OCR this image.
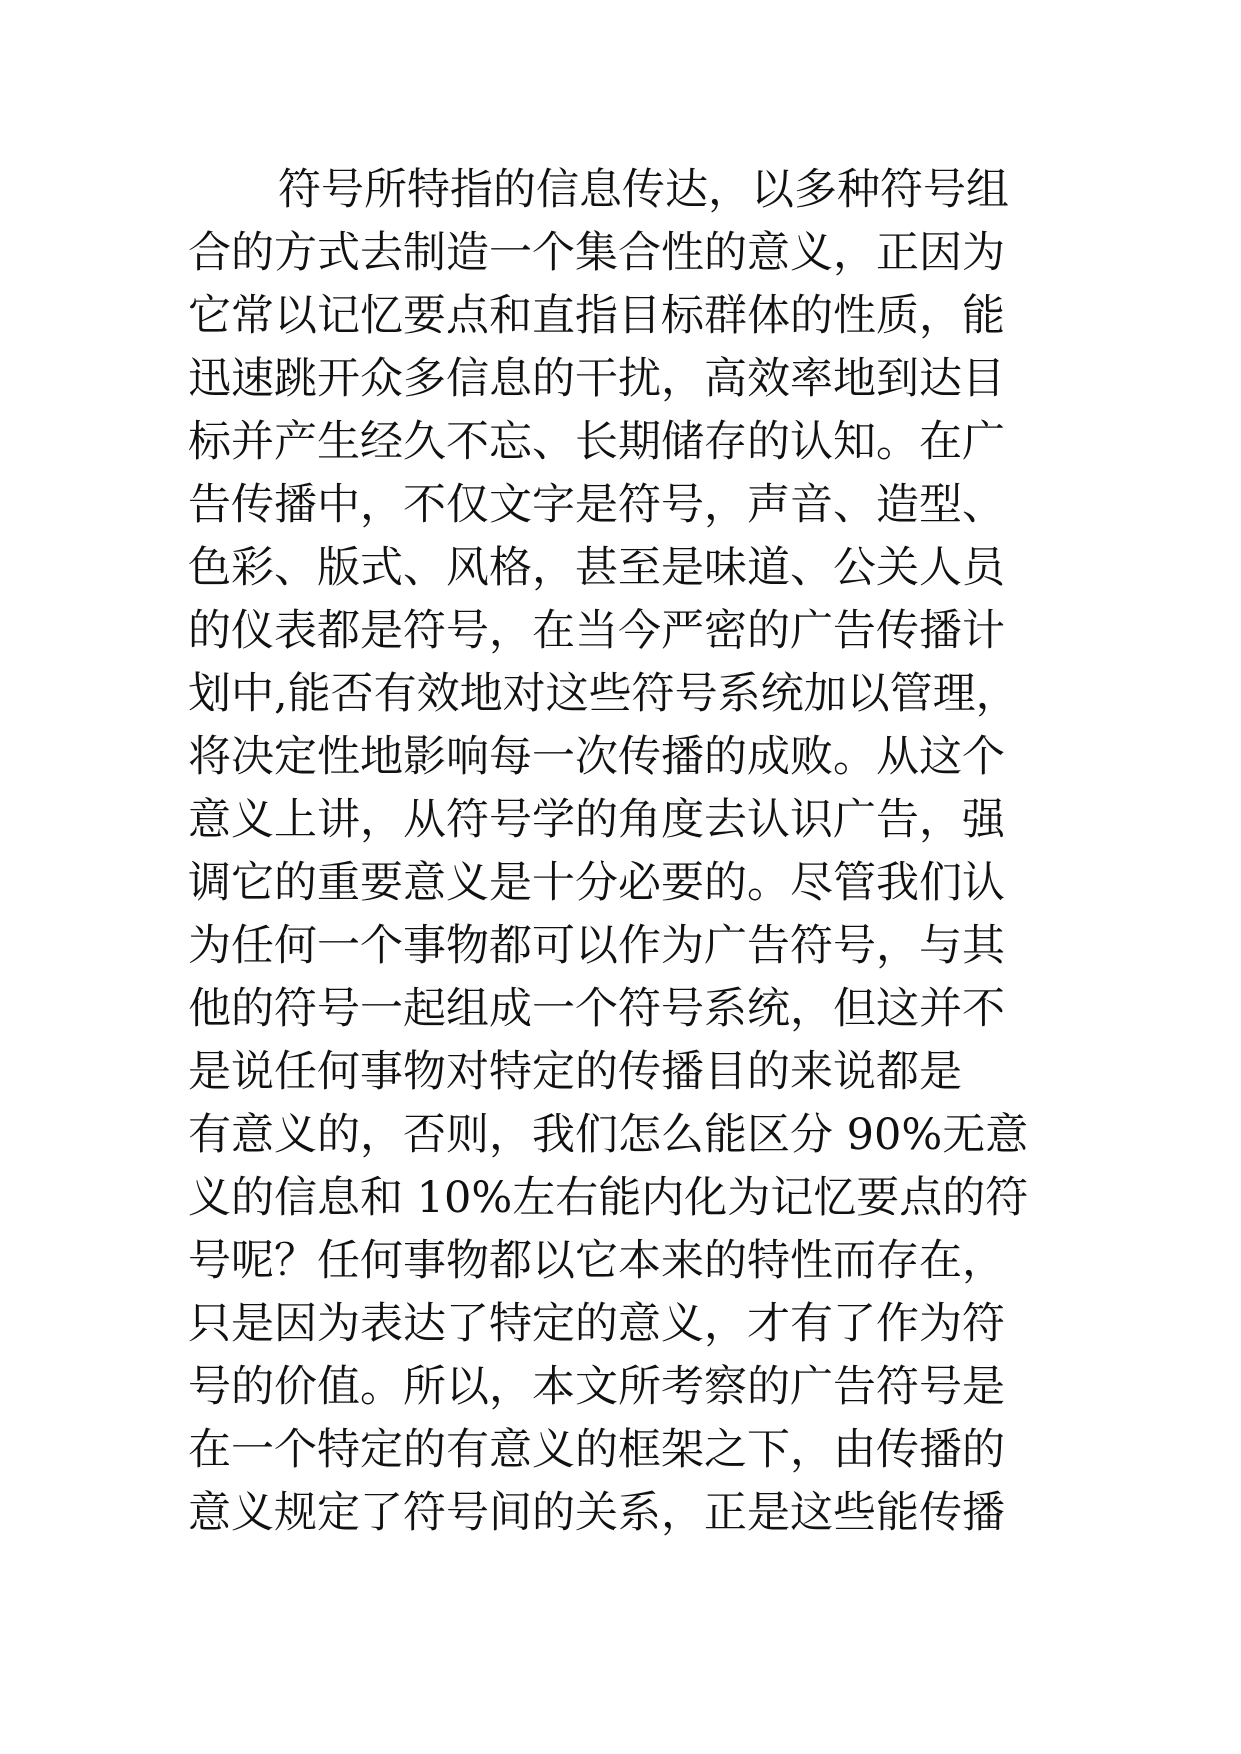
符号所特指的信息传达，以多种符号组
合的方式去制造一个集合性的意义，正因为
它常以记忆要点和直指目标群体的性质，能
迅速跳开众多信息的干扰，高效率地到达目
标并产生经久不忘、长期储存的认知。在广
告传播中，不仅文字是符号，声音、造型、
色彩、版式、风格，甚至是味道、公关人员
的仪表都是符号，在当今严密的广告传播计
划中,能否有效地对这些符号系统加以管理，
将决定性地影响每一次传播的成败。从这个
意义上讲，从符号学的角度去认识广告，强
调它的重要意义是十分必要的。尽管我们认
为任何一个事物都可以作为广告符号，与其
他的符号一起组成一个符号系统，但这并不
是说任何事物对特定的传播目的来说都是
有意义的，否则，我们怎么能区分 90%无意
义的信息和 10%左右能内化为记忆要点的符
号呢？任何事物都以它本来的特性而存在，
只是因为表达了特定的意义，才有了作为符
号的价值。所以，本文所考察的广告符号是
在一个特定的有意义的框架之下，由传播的
意义规定了符号间的关系，正是这些能传播
